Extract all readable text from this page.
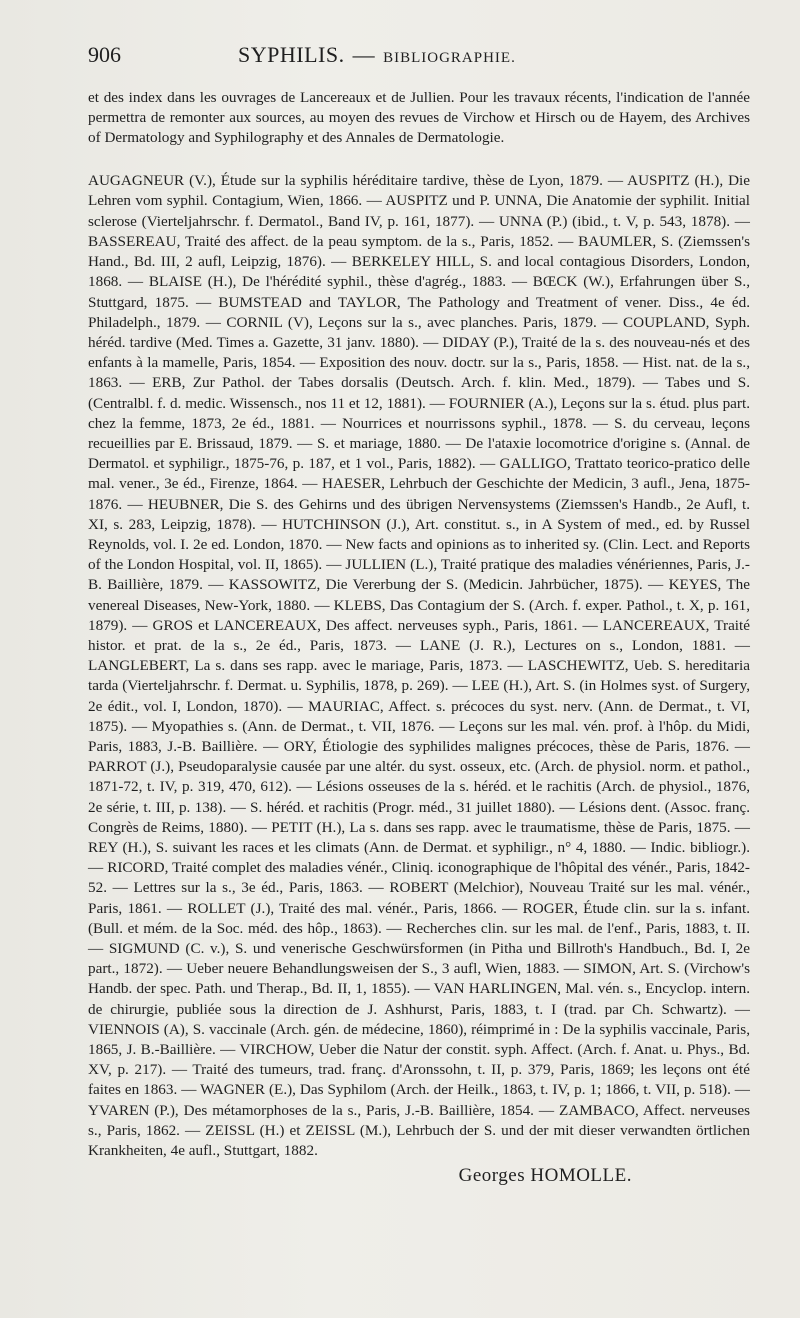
906	SYPHILIS. — BIBLIOGRAPHIE.

et des index dans les ouvrages de Lancereaux et de Jullien. Pour les travaux récents, l'indication de l'année permettra de remonter aux sources, au moyen des revues de Virchow et Hirsch ou de Hayem, des Archives of Dermatology and Syphilography et des Annales de Dermatologie.

AUGAGNEUR (V.), Étude sur la syphilis héréditaire tardive, thèse de Lyon, 1879. — AUSPITZ (H.), Die Lehren vom syphil. Contagium, Wien, 1866. — AUSPITZ und P. UNNA, Die Anatomie der syphilit. Initial sclerose (Vierteljahrschr. f. Dermatol., Band IV, p. 161, 1877). — UNNA (P.) (ibid., t. V, p. 543, 1878). — BASSEREAU, Traité des affect. de la peau symptom. de la s., Paris, 1852. — BAUMLER, S. (Ziemssen's Hand., Bd. III, 2 aufl, Leipzig, 1876). — BERKELEY HILL, S. and local contagious Disorders, London, 1868. — BLAISE (H.), De l'hérédité syphil., thèse d'agrég., 1883. — BŒCK (W.), Erfahrungen über S., Stuttgard, 1875. — BUMSTEAD and TAYLOR, The Pathology and Treatment of vener. Diss., 4e éd. Philadelph., 1879. — CORNIL (V), Leçons sur la s., avec planches. Paris, 1879. — COUPLAND, Syph. héréd. tardive (Med. Times a. Gazette, 31 janv. 1880). — DIDAY (P.), Traité de la s. des nouveau-nés et des enfants à la mamelle, Paris, 1854. — Exposition des nouv. doctr. sur la s., Paris, 1858. — Hist. nat. de la s., 1863. — ERB, Zur Pathol. der Tabes dorsalis (Deutsch. Arch. f. klin. Med., 1879). — Tabes und S. (Centralbl. f. d. medic. Wissensch., nos 11 et 12, 1881). — FOURNIER (A.), Leçons sur la s. étud. plus part. chez la femme, 1873, 2e éd., 1881. — Nourrices et nourrissons syphil., 1878. — S. du cerveau, leçons recueillies par E. Brissaud, 1879. — S. et mariage, 1880. — De l'ataxie locomotrice d'origine s. (Annal. de Dermatol. et syphiligr., 1875-76, p. 187, et 1 vol., Paris, 1882). — GALLIGO, Trattato teorico-pratico delle mal. vener., 3e éd., Firenze, 1864. — HAESER, Lehrbuch der Geschichte der Medicin, 3 aufl., Jena, 1875-1876. — HEUBNER, Die S. des Gehirns und des übrigen Nervensystems (Ziemssen's Handb., 2e Aufl, t. XI, s. 283, Leipzig, 1878). — HUTCHINSON (J.), Art. constitut. s., in A System of med., ed. by Russel Reynolds, vol. I. 2e ed. London, 1870. — New facts and opinions as to inherited sy. (Clin. Lect. and Reports of the London Hospital, vol. II, 1865). — JULLIEN (L.), Traité pratique des maladies vénériennes, Paris, J.-B. Baillière, 1879. — KASSOWITZ, Die Vererbung der S. (Medicin. Jahrbücher, 1875). — KEYES, The venereal Diseases, New-York, 1880. — KLEBS, Das Contagium der S. (Arch. f. exper. Pathol., t. X, p. 161, 1879). — GROS et LANCEREAUX, Des affect. nerveuses syph., Paris, 1861. — LANCEREAUX, Traité histor. et prat. de la s., 2e éd., Paris, 1873. — LANE (J. R.), Lectures on s., London, 1881. — LANGLEBERT, La s. dans ses rapp. avec le mariage, Paris, 1873. — LASCHEWITZ, Ueb. S. hereditaria tarda (Vierteljahrschr. f. Dermat. u. Syphilis, 1878, p. 269). — LEE (H.), Art. S. (in Holmes syst. of Surgery, 2e édit., vol. I, London, 1870). — MAURIAC, Affect. s. précoces du syst. nerv. (Ann. de Dermat., t. VI, 1875). — Myopathies s. (Ann. de Dermat., t. VII, 1876. — Leçons sur les mal. vén. prof. à l'hôp. du Midi, Paris, 1883, J.-B. Baillière. — ORY, Étiologie des syphilides malignes précoces, thèse de Paris, 1876. — PARROT (J.), Pseudoparalysie causée par une altér. du syst. osseux, etc. (Arch. de physiol. norm. et pathol., 1871-72, t. IV, p. 319, 470, 612). — Lésions osseuses de la s. héréd. et le rachitis (Arch. de physiol., 1876, 2e série, t. III, p. 138). — S. héréd. et rachitis (Progr. méd., 31 juillet 1880). — Lésions dent. (Assoc. franç. Congrès de Reims, 1880). — PETIT (H.), La s. dans ses rapp. avec le traumatisme, thèse de Paris, 1875. — REY (H.), S. suivant les races et les climats (Ann. de Dermat. et syphiligr., n° 4, 1880. — Indic. bibliogr.). — RICORD, Traité complet des maladies vénér., Cliniq. iconographique de l'hôpital des vénér., Paris, 1842-52. — Lettres sur la s., 3e éd., Paris, 1863. — ROBERT (Melchior), Nouveau Traité sur les mal. vénér., Paris, 1861. — ROLLET (J.), Traité des mal. vénér., Paris, 1866. — ROGER, Étude clin. sur la s. infant. (Bull. et mém. de la Soc. méd. des hôp., 1863). — Recherches clin. sur les mal. de l'enf., Paris, 1883, t. II. — SIGMUND (C. v.), S. und venerische Geschwürsformen (in Pitha und Billroth's Handbuch., Bd. I, 2e part., 1872). — Ueber neuere Behandlungsweisen der S., 3 aufl, Wien, 1883. — SIMON, Art. S. (Virchow's Handb. der spec. Path. und Therap., Bd. II, 1, 1855). — VAN HARLINGEN, Mal. vén. s., Encyclop. intern. de chirurgie, publiée sous la direction de J. Ashhurst, Paris, 1883, t. I (trad. par Ch. Schwartz). — VIENNOIS (A), S. vaccinale (Arch. gén. de médecine, 1860), réimprimé in : De la syphilis vaccinale, Paris, 1865, J. B.-Baillière. — VIRCHOW, Ueber die Natur der constit. syph. Affect. (Arch. f. Anat. u. Phys., Bd. XV, p. 217). — Traité des tumeurs, trad. franç. d'Aronssohn, t. II, p. 379, Paris, 1869; les leçons ont été faites en 1863. — WAGNER (E.), Das Syphilom (Arch. der Heilk., 1863, t. IV, p. 1; 1866, t. VII, p. 518). — YVAREN (P.), Des métamorphoses de la s., Paris, J.-B. Baillière, 1854. — ZAMBACO, Affect. nerveuses s., Paris, 1862. — ZEISSL (H.) et ZEISSL (M.), Lehrbuch der S. und der mit dieser verwandten örtlichen Krankheiten, 4e aufl., Stuttgart, 1882.

Georges HOMOLLE.
